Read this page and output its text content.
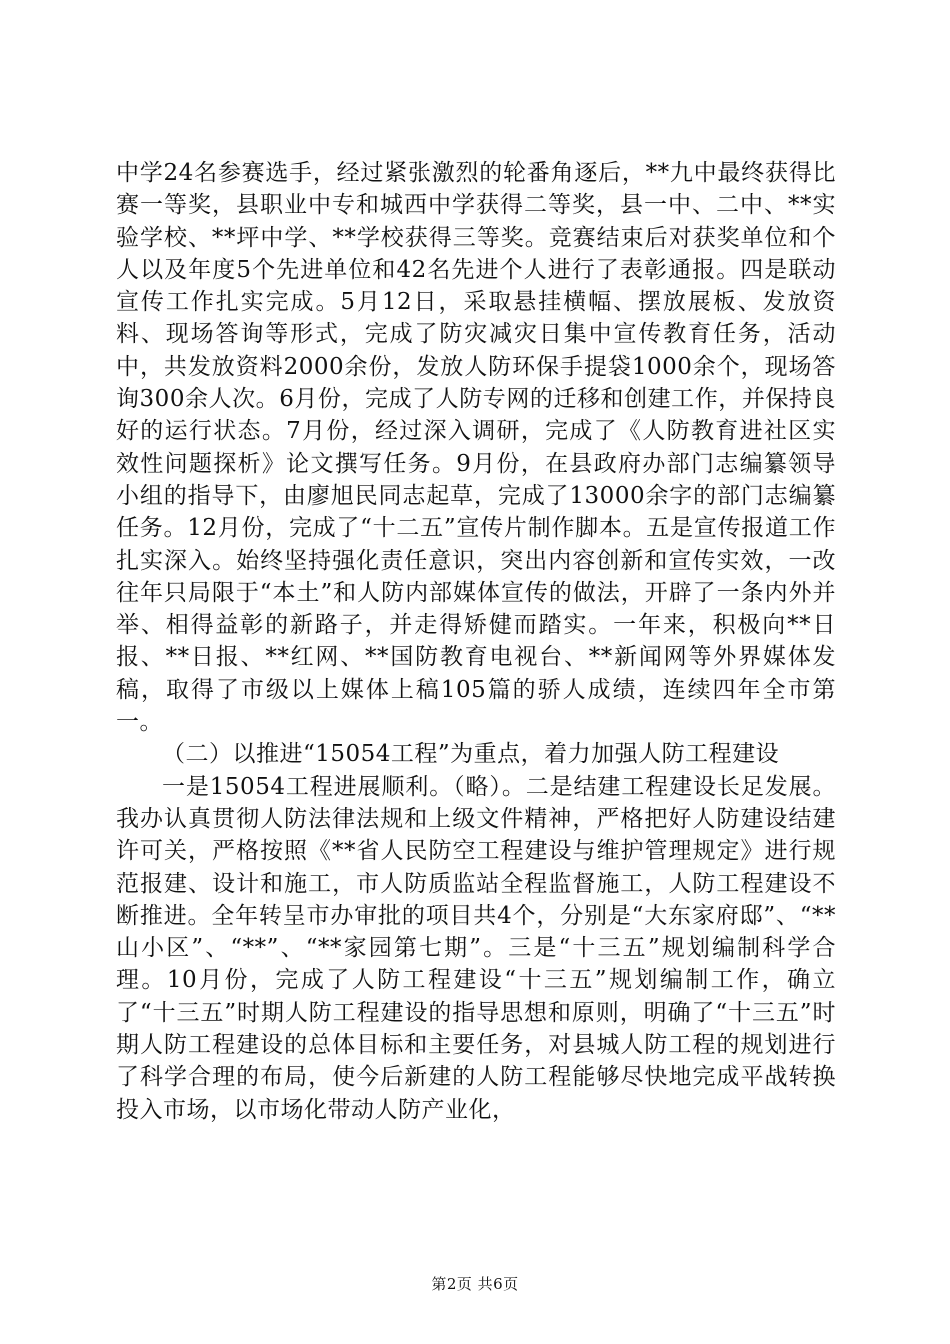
中学24名参赛选手，经过紧张激烈的轮番角逐后，**九中最终获得比赛一等奖，县职业中专和城西中学获得二等奖，县一中、二中、**实验学校、**坪中学、**学校获得三等奖。竞赛结束后对获奖单位和个人以及年度5个先进单位和42名先进个人进行了表彰通报。四是联动宣传工作扎实完成。5月12日，采取悬挂横幅、摆放展板、发放资料、现场答询等形式，完成了防灾减灾日集中宣传教育任务，活动中，共发放资料2000余份，发放人防环保手提袋1000余个，现场答询300余人次。6月份，完成了人防专网的迁移和创建工作，并保持良好的运行状态。7月份，经过深入调研，完成了《人防教育进社区实效性问题探析》论文撰写任务。9月份，在县政府办部门志编纂领导小组的指导下，由廖旭民同志起草，完成了13000余字的部门志编纂任务。12月份，完成了“十二五”宣传片制作脚本。五是宣传报道工作扎实深入。始终坚持强化责任意识，突出内容创新和宣传实效，一改往年只局限于“本土”和人防内部媒体宣传的做法，开辟了一条内外并举、相得益彰的新路子，并走得矫健而踏实。一年来，积极向**日报、**日报、**红网、**国防教育电视台、**新闻网等外界媒体发稿，取得了市级以上媒体上稿105篇的骄人成绩，连续四年全市第一。

（二）以推进“15054工程”为重点，着力加强人防工程建设

一是15054工程进展顺利。（略）。二是结建工程建设长足发展。我办认真贯彻人防法律法规和上级文件精神，严格把好人防建设结建许可关，严格按照《**省人民防空工程建设与维护管理规定》进行规范报建、设计和施工，市人防质监站全程监督施工，人防工程建设不断推进。全年转呈市办审批的项目共4个，分别是“大东家府邸”、“**山小区”、“**”、“**家园第七期”。三是“十三五”规划编制科学合理。10月份，完成了人防工程建设“十三五”规划编制工作，确立了“十三五”时期人防工程建设的指导思想和原则，明确了“十三五”时期人防工程建设的总体目标和主要任务，对县城人防工程的规划进行了科学合理的布局，使今后新建的人防工程能够尽快地完成平战转换投入市场，以市场化带动人防产业化，

第2页 共6页
